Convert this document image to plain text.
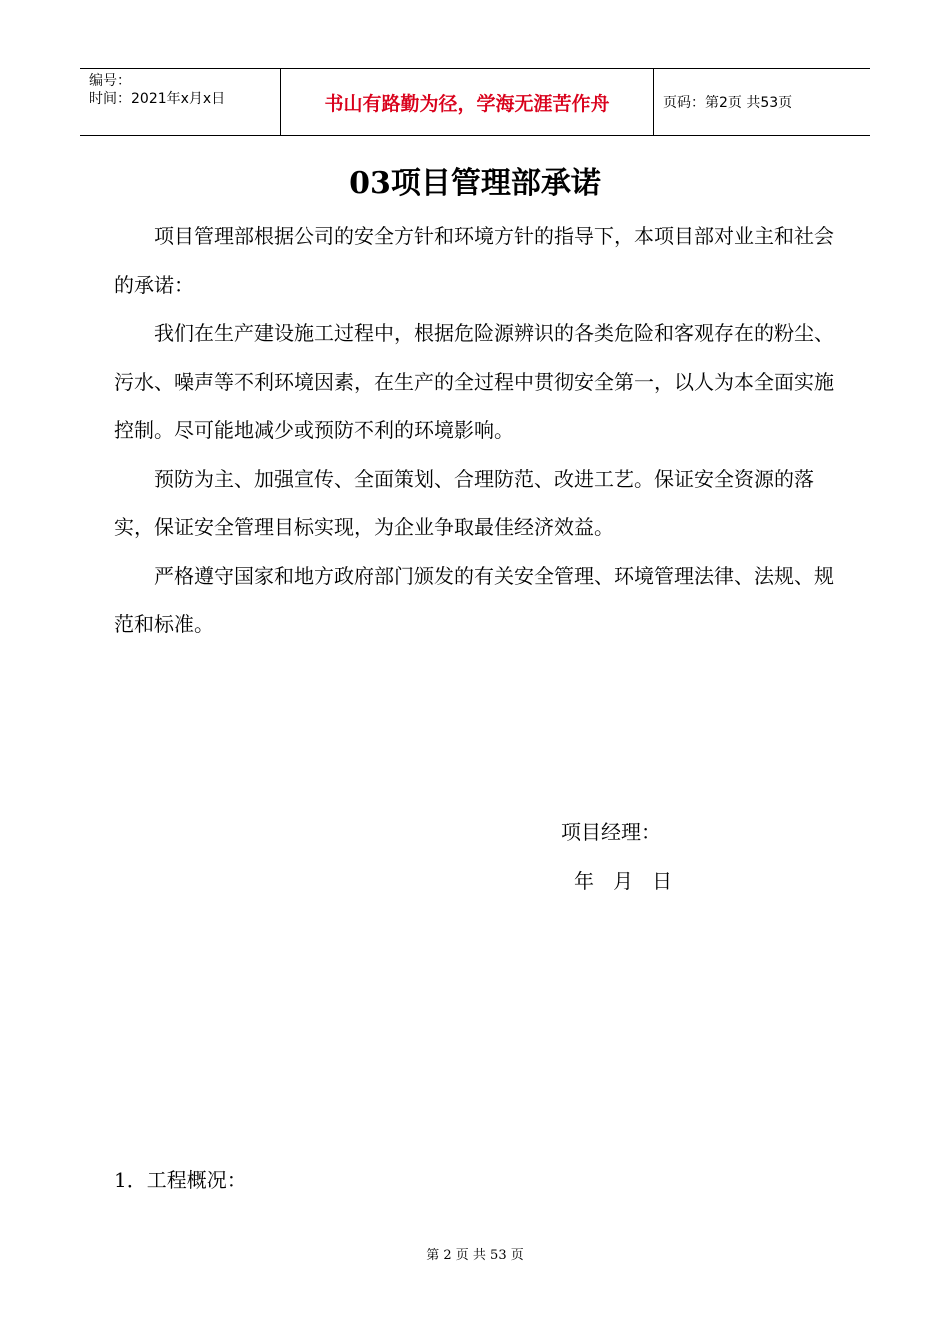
编号：
时间：2021年x月x日	书山有路勤为径，学海无涯苦作舟	页码：第2页 共53页
03项目管理部承诺

项目管理部根据公司的安全方针和环境方针的指导下，本项目部对业主和社会的承诺：

我们在生产建设施工过程中，根据危险源辨识的各类危险和客观存在的粉尘、污水、噪声等不利环境因素，在生产的全过程中贯彻安全第一，以人为本全面实施控制。尽可能地减少或预防不利的环境影响。

预防为主、加强宣传、全面策划、合理防范、改进工艺。保证安全资源的落实，保证安全管理目标实现，为企业争取最佳经济效益。

严格遵守国家和地方政府部门颁发的有关安全管理、环境管理法律、法规、规范和标准。

项目经理：
年   月   日
1．工程概况：
第 2 页 共 53 页
